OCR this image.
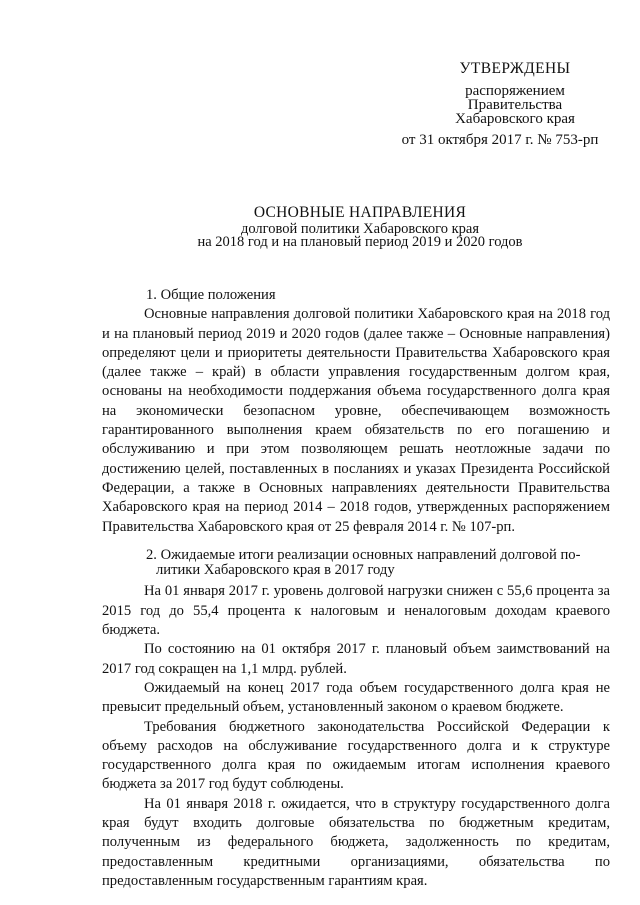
УТВЕРЖДЕНЫ
распоряжением
Правительства
Хабаровского края
от 31 октября 2017 г. № 753-рп
ОСНОВНЫЕ НАПРАВЛЕНИЯ
долговой политики Хабаровского края
на 2018 год и на плановый период 2019 и 2020 годов

1. Общие положения

Основные направления долговой политики Хабаровского края на 2018 год и на плановый период 2019 и 2020 годов (далее также – Основные направления) определяют цели и приоритеты деятельности Правительства Хабаровского края (далее также – край) в области управления государственным долгом края, основаны на необходимости поддержания объема государственного долга края на экономически безопасном уровне, обеспечивающем возможность гарантированного выполнения краем обязательств по его погашению и обслуживанию и при этом позволяющем решать неотложные задачи по достижению целей, поставленных в посланиях и указах Президента Российской Федерации, а также в Основных направлениях деятельности Правительства Хабаровского края на период 2014 – 2018 годов, утвержденных распоряжением Правительства Хабаровского края от 25 февраля 2014 г. № 107-рп.

2. Ожидаемые итоги реализации основных направлений долговой по-

литики Хабаровского края в 2017 году

На 01 января 2017 г. уровень долговой нагрузки снижен с 55,6 процента за 2015 год до 55,4 процента к налоговым и неналоговым доходам краевого бюджета.

По состоянию на 01 октября 2017 г. плановый объем заимствований на 2017 год сокращен на 1,1 млрд. рублей.

Ожидаемый на конец 2017 года объем государственного долга края не превысит предельный объем, установленный законом о краевом бюджете.

Требования бюджетного законодательства Российской Федерации к объему расходов на обслуживание государственного долга и к структуре государственного долга края по ожидаемым итогам исполнения краевого бюджета за 2017 год будут соблюдены.

На 01 января 2018 г. ожидается, что в структуру государственного долга края будут входить долговые обязательства по бюджетным кредитам, полученным из федерального бюджета, задолженность по кредитам, предоставленным кредитными организациями, обязательства по предоставленным государственным гарантиям края.
